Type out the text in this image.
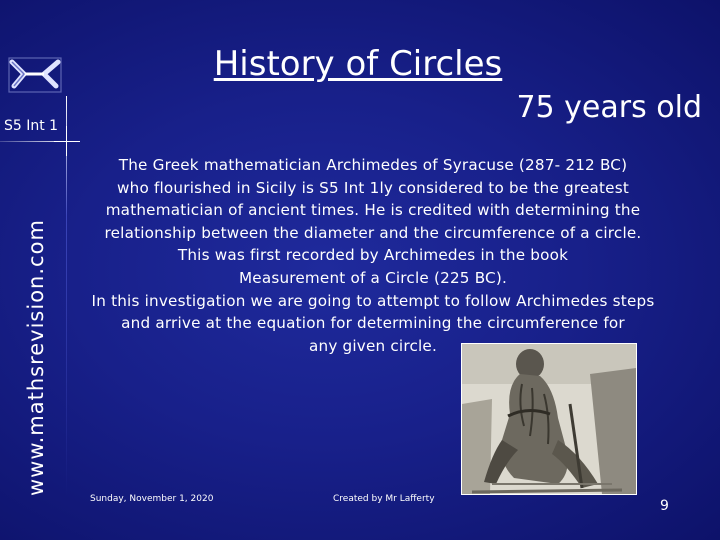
S5 Int 1
www.mathsrevision.com
History of Circles
75 years old
The Greek mathematician Archimedes of Syracuse (287- 212 BC)
who flourished in Sicily is S5 Int 1ly considered to be the greatest
mathematician of ancient times. He is credited with determining the
relationship between the diameter and the circumference of a circle.
This was first recorded by Archimedes in the book
Measurement of a Circle (225 BC).
In this investigation we are going to attempt to follow Archimedes steps
and arrive at the equation for determining the circumference for
any given circle.
Sunday, November 1, 2020	Created by Mr Lafferty	9
